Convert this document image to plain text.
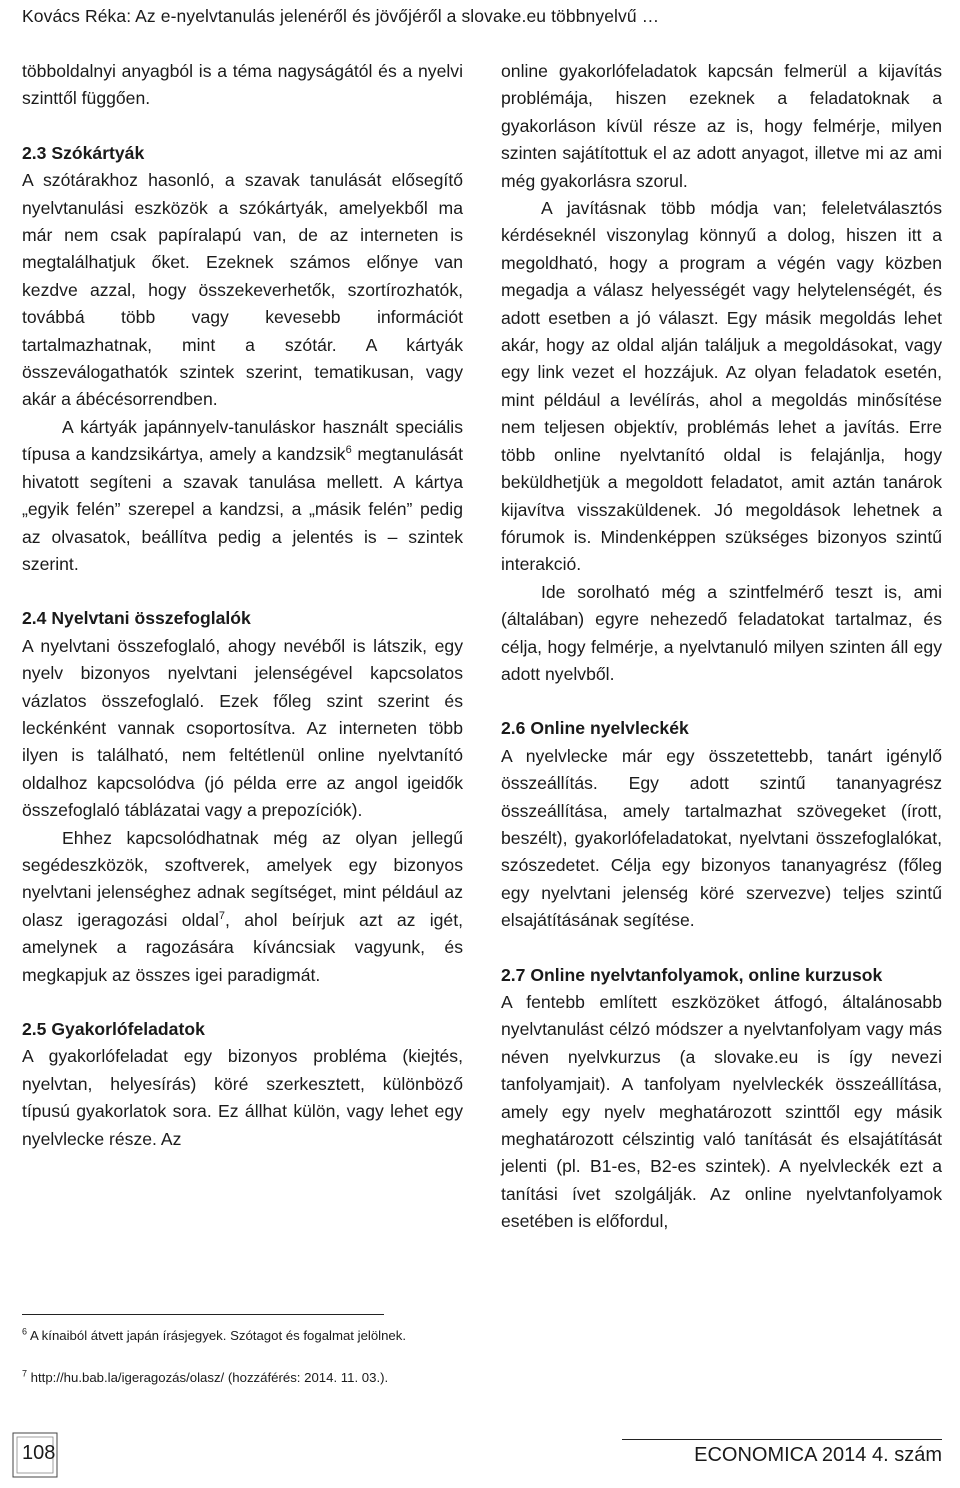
Kovács Réka: Az e-nyelvtanulás jelenéről és jövőjéről a slovake.eu többnyelvű …

többoldalnyi anyagból is a téma nagyságától és a nyelvi szinttől függően.

2.3 Szókártyák

A szótárakhoz hasonló, a szavak tanulását elősegítő nyelvtanulási eszközök a szókártyák, amelyekből ma már nem csak papíralapú van, de az interneten is megtalálhatjuk őket. Ezeknek számos előnye van kezdve azzal, hogy összekeverhetők, szortírozhatók, továbbá több vagy kevesebb információt tartalmazhatnak, mint a szótár. A kártyák összeválogathatók szintek szerint, tematikusan, vagy akár a ábécésorrendben.

A kártyák japánnyelv-tanuláskor használt speciális típusa a kandzsikártya, amely a kandzsik$^6$ megtanulását hivatott segíteni a szavak tanulása mellett. A kártya „egyik felén” szerepel a kandzsi, a „másik felén” pedig az olvasatok, beállítva pedig a jelentés is – szintek szerint.

2.4 Nyelvtani összefoglalók

A nyelvtani összefoglaló, ahogy nevéből is látszik, egy nyelv bizonyos nyelvtani jelenségével kapcsolatos vázlatos összefoglaló. Ezek főleg szint szerint és leckénként vannak csoportosítva. Az interneten több ilyen is található, nem feltétlenül online nyelvtanító oldalhoz kapcsolódva (jó példa erre az angol igeidők összefoglaló táblázatai vagy a prepozíciók).

Ehhez kapcsolódhatnak még az olyan jellegű segédeszközök, szoftverek, amelyek egy bizonyos nyelvtani jelenséghez adnak segítséget, mint például az olasz igeragozási oldal$^7$, ahol beírjuk azt az igét, amelynek a ragozására kíváncsiak vagyunk, és megkapjuk az összes igei paradigmát.

2.5 Gyakorlófeladatok

A gyakorlófeladat egy bizonyos probléma (kiejtés, nyelvtan, helyesírás) köré szerkesztett, különböző típusú gyakorlatok sora. Ez állhat külön, vagy lehet egy nyelvlecke része. Az

$^6$ A kínaiból átvett japán írásjegyek. Szótagot és fogalmat jelölnek.
$^7$ http://hu.bab.la/igeragozás/olasz/ (hozzáférés: 2014. 11. 03.).

online gyakorlófeladatok kapcsán felmerül a kijavítás problémája, hiszen ezeknek a feladatoknak a gyakorláson kívül része az is, hogy felmérje, milyen szinten sajátítottuk el az adott anyagot, illetve mi az ami még gyakorlásra szorul.

A javításnak több módja van; feleletválasztós kérdéseknél viszonylag könnyű a dolog, hiszen itt a megoldható, hogy a program a végén vagy közben megadja a válasz helyességét vagy helytelenségét, és adott esetben a jó választ. Egy másik megoldás lehet akár, hogy az oldal alján találjuk a megoldásokat, vagy egy link vezet el hozzájuk. Az olyan feladatok esetén, mint például a levélírás, ahol a megoldás minősítése nem teljesen objektív, problémás lehet a javítás. Erre több online nyelvtanító oldal is felajánlja, hogy beküldhetjük a megoldott feladatot, amit aztán tanárok kijavítva visszaküldenek. Jó megoldások lehetnek a fórumok is. Mindenképpen szükséges bizonyos szintű interakció.

Ide sorolható még a szintfelmérő teszt is, ami (általában) egyre nehezedő feladatokat tartalmaz, és célja, hogy felmérje, a nyelvtanuló milyen szinten áll egy adott nyelvből.

2.6 Online nyelvleckék

A nyelvlecke már egy összetettebb, tanárt igénylő összeállítás. Egy adott szintű tananyagrész összeállítása, amely tartalmazhat szövegeket (írott, beszélt), gyakorlófeladatokat, nyelvtani összefoglalókat, szószedetet. Célja egy bizonyos tananyagrész (főleg egy nyelvtani jelenség köré szervezve) teljes szintű elsajátításának segítése.

2.7 Online nyelvtanfolyamok, online kurzusok

A fentebb említett eszközöket átfogó, általánosabb nyelvtanulást célzó módszer a nyelvtanfolyam vagy más néven nyelvkurzus (a slovake.eu is így nevezi tanfolyamjait). A tanfolyam nyelvleckék összeállítása, amely egy nyelv meghatározott szinttől egy másik meghatározott célszintig való tanítását és elsajátítását jelenti (pl. B1-es, B2-es szintek). A nyelvleckék ezt a tanítási ívet szolgálják. Az online nyelvtanfolyamok esetében is előfordul,

108	ECONOMICA 2014 4. szám
